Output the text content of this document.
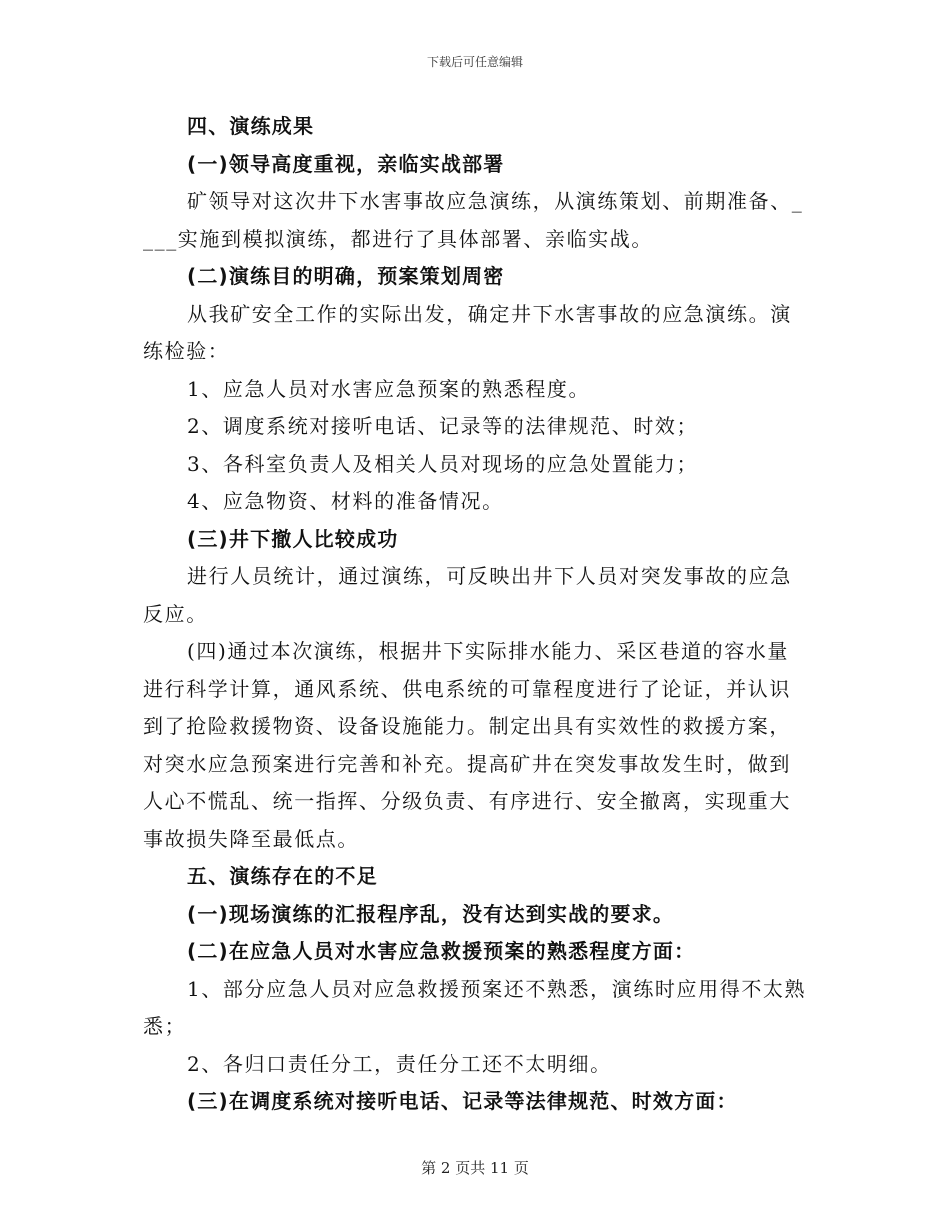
下载后可任意编辑
四、演练成果
(一)领导高度重视，亲临实战部署
矿领导对这次井下水害事故应急演练，从演练策划、前期准备、_
___实施到模拟演练，都进行了具体部署、亲临实战。
(二)演练目的明确，预案策划周密
从我矿安全工作的实际出发，确定井下水害事故的应急演练。演
练检验：
1、应急人员对水害应急预案的熟悉程度。
2、调度系统对接听电话、记录等的法律规范、时效；
3、各科室负责人及相关人员对现场的应急处置能力；
4、应急物资、材料的准备情况。
(三)井下撤人比较成功
进行人员统计，通过演练，可反映出井下人员对突发事故的应急
反应。
(四)通过本次演练，根据井下实际排水能力、采区巷道的容水量
进行科学计算，通风系统、供电系统的可靠程度进行了论证，并认识
到了抢险救援物资、设备设施能力。制定出具有实效性的救援方案，
对突水应急预案进行完善和补充。提高矿井在突发事故发生时，做到
人心不慌乱、统一指挥、分级负责、有序进行、安全撤离，实现重大
事故损失降至最低点。
五、演练存在的不足
(一)现场演练的汇报程序乱，没有达到实战的要求。
(二)在应急人员对水害应急救援预案的熟悉程度方面：
1、部分应急人员对应急救援预案还不熟悉，演练时应用得不太熟
悉；
2、各归口责任分工，责任分工还不太明细。
(三)在调度系统对接听电话、记录等法律规范、时效方面：
第 2 页共 11 页
